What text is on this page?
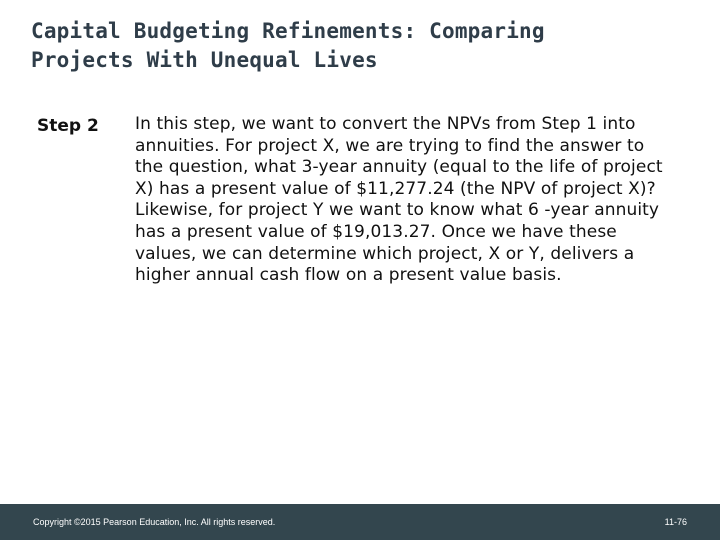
Capital Budgeting Refinements: Comparing
Projects With Unequal Lives
Step 2 In this step, we want to convert the NPVs from Step 1 into annuities. For project X, we are trying to find the answer to the question, what 3-year annuity (equal to the life of project X) has a present value of $11,277.24 (the NPV of project X)? Likewise, for project Y we want to know what 6 -year annuity has a present value of $19,013.27. Once we have these values, we can determine which project, X or Y, delivers a higher annual cash flow on a present value basis.

Copyright ©2015 Pearson Education, Inc. All rights reserved.	11-76
